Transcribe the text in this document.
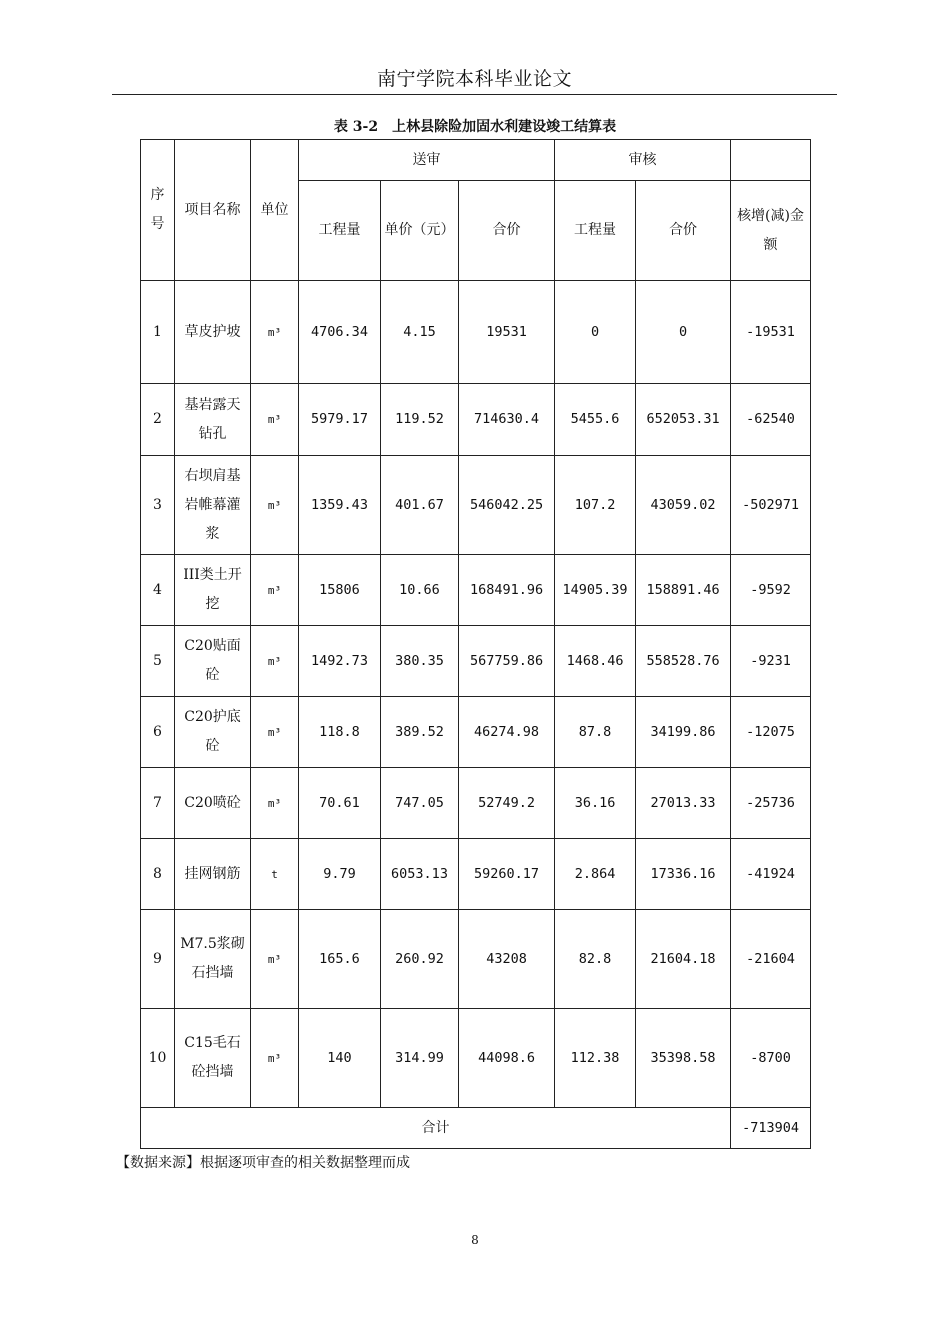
南宁学院本科毕业论文
表 3-2　上林县除险加固水利建设竣工结算表
序号	项目名称	单位	送审			审核		
			工程量	单价（元）	合价	工程量	合价	核增(减)金额
1	草皮护坡	m³	4706.34	4.15	19531	0	0	-19531
2	基岩露天钻孔	m³	5979.17	119.52	714630.4	5455.6	652053.31	-62540
3	右坝肩基岩帷幕灌浆	m³	1359.43	401.67	546042.25	107.2	43059.02	-502971
4	III类土开挖	m³	15806	10.66	168491.96	14905.39	158891.46	-9592
5	C20贴面砼	m³	1492.73	380.35	567759.86	1468.46	558528.76	-9231
6	C20护底砼	m³	118.8	389.52	46274.98	87.8	34199.86	-12075
7	C20喷砼	m³	70.61	747.05	52749.2	36.16	27013.33	-25736
8	挂网钢筋	t	9.79	6053.13	59260.17	2.864	17336.16	-41924
9	M7.5浆砌石挡墙	m³	165.6	260.92	43208	82.8	21604.18	-21604
10	C15毛石砼挡墙	m³	140	314.99	44098.6	112.38	35398.58	-8700
合计								-713904
【数据来源】根据逐项审查的相关数据整理而成
8
